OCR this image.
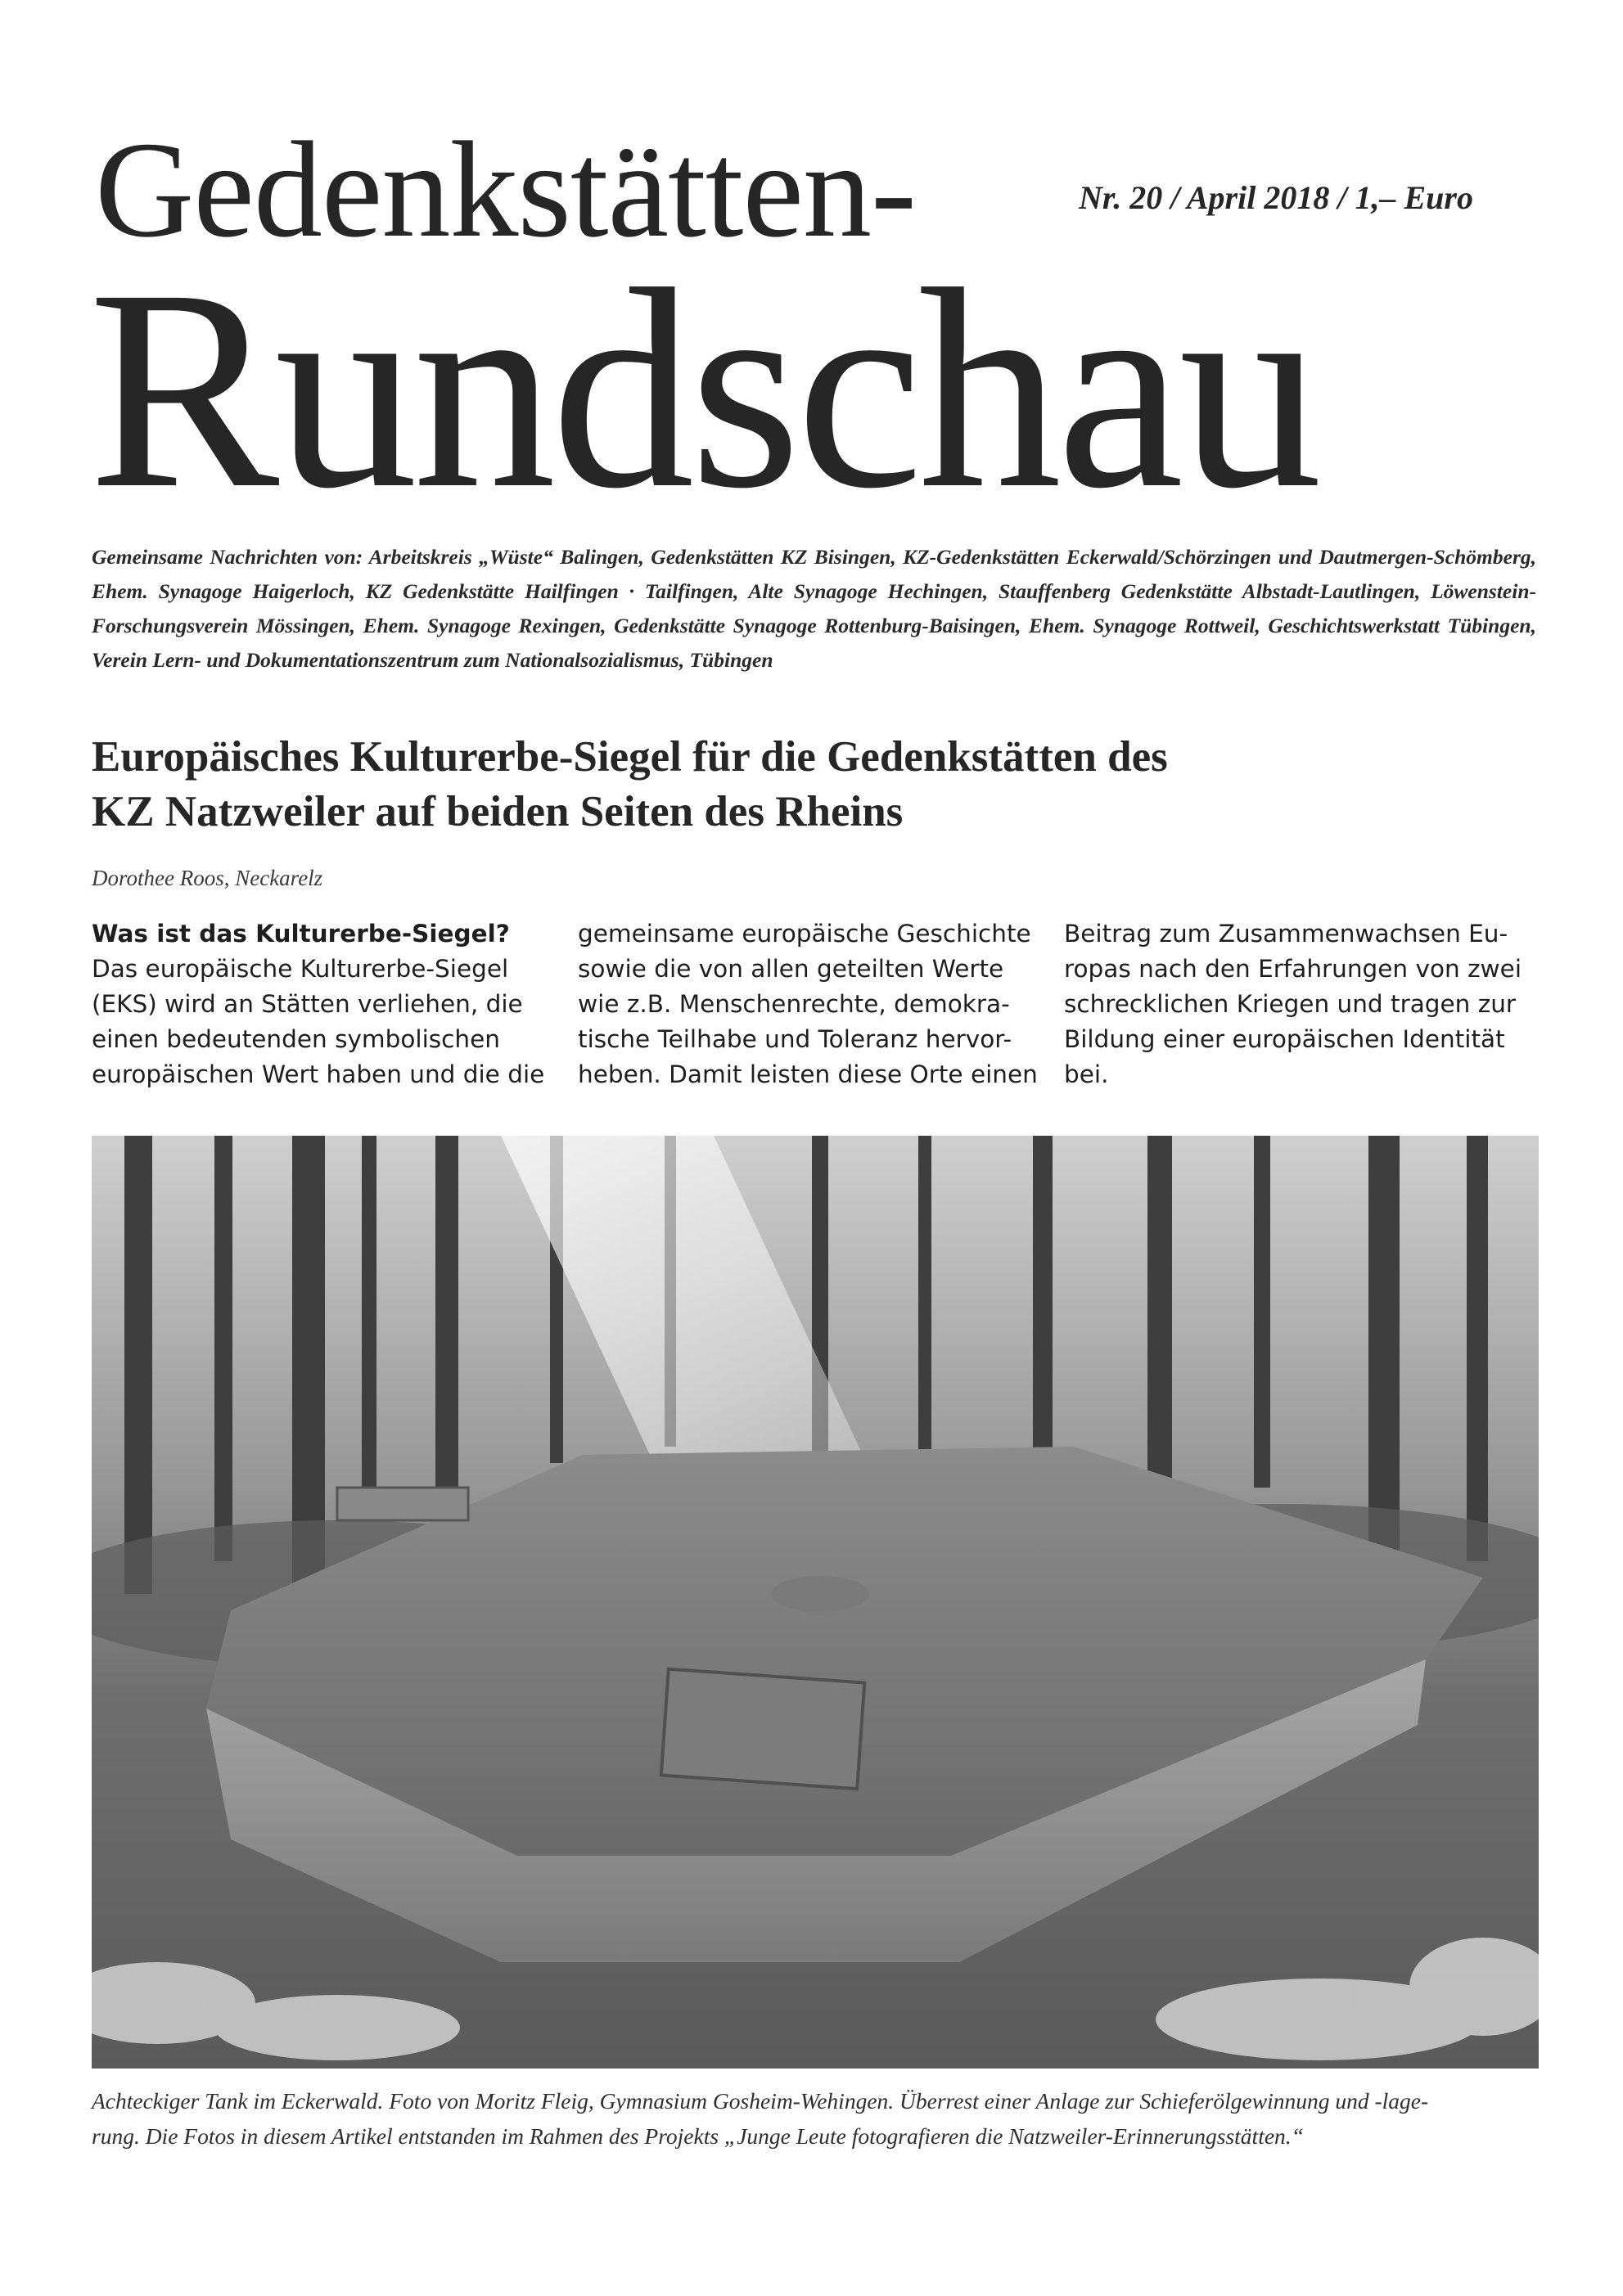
Gedenkstätten-	Nr. 20 / April 2018 / 1,– Euro
Rundschau
Gemeinsame Nachrichten von: Arbeitskreis „Wüste“ Balingen, Gedenkstätten KZ Bisingen, KZ-Gedenkstätten Eckerwald/Schörzingen und Dautmergen-Schömberg, Ehem. Synagoge Haigerloch, KZ Gedenkstätte Hailfingen · Tailfingen, Alte Synagoge Hechingen, Stauffenberg Gedenkstätte Albstadt-Lautlingen, Löwenstein-Forschungsverein Mössingen, Ehem. Synagoge Rexingen, Gedenkstätte Synagoge Rottenburg-Baisingen, Ehem. Synagoge Rottweil, Geschichtswerkstatt Tübingen, Verein Lern- und Dokumentationszentrum zum Nationalsozialismus, Tübingen
Europäisches Kulturerbe-Siegel für die Gedenkstätten des
KZ Natzweiler auf beiden Seiten des Rheins
Dorothee Roos, Neckarelz
Was ist das Kulturerbe-Siegel?
Das europäische Kulturerbe-Siegel
(EKS) wird an Stätten verliehen, die
einen bedeutenden symbolischen
europäischen Wert haben und die die
gemeinsame europäische Geschichte
sowie die von allen geteilten Werte
wie z.B. Menschenrechte, demokra-
tische Teilhabe und Toleranz hervor-
heben. Damit leisten diese Orte einen
Beitrag zum Zusammenwachsen Eu-
ropas nach den Erfahrungen von zwei
schrecklichen Kriegen und tragen zur
Bildung einer europäischen Identität
bei.
Achteckiger Tank im Eckerwald. Foto von Moritz Fleig, Gymnasium Gosheim-Wehingen. Überrest einer Anlage zur Schieferölgewinnung und -lage-
rung. Die Fotos in diesem Artikel entstanden im Rahmen des Projekts „Junge Leute fotografieren die Natzweiler-Erinnerungsstätten.“
